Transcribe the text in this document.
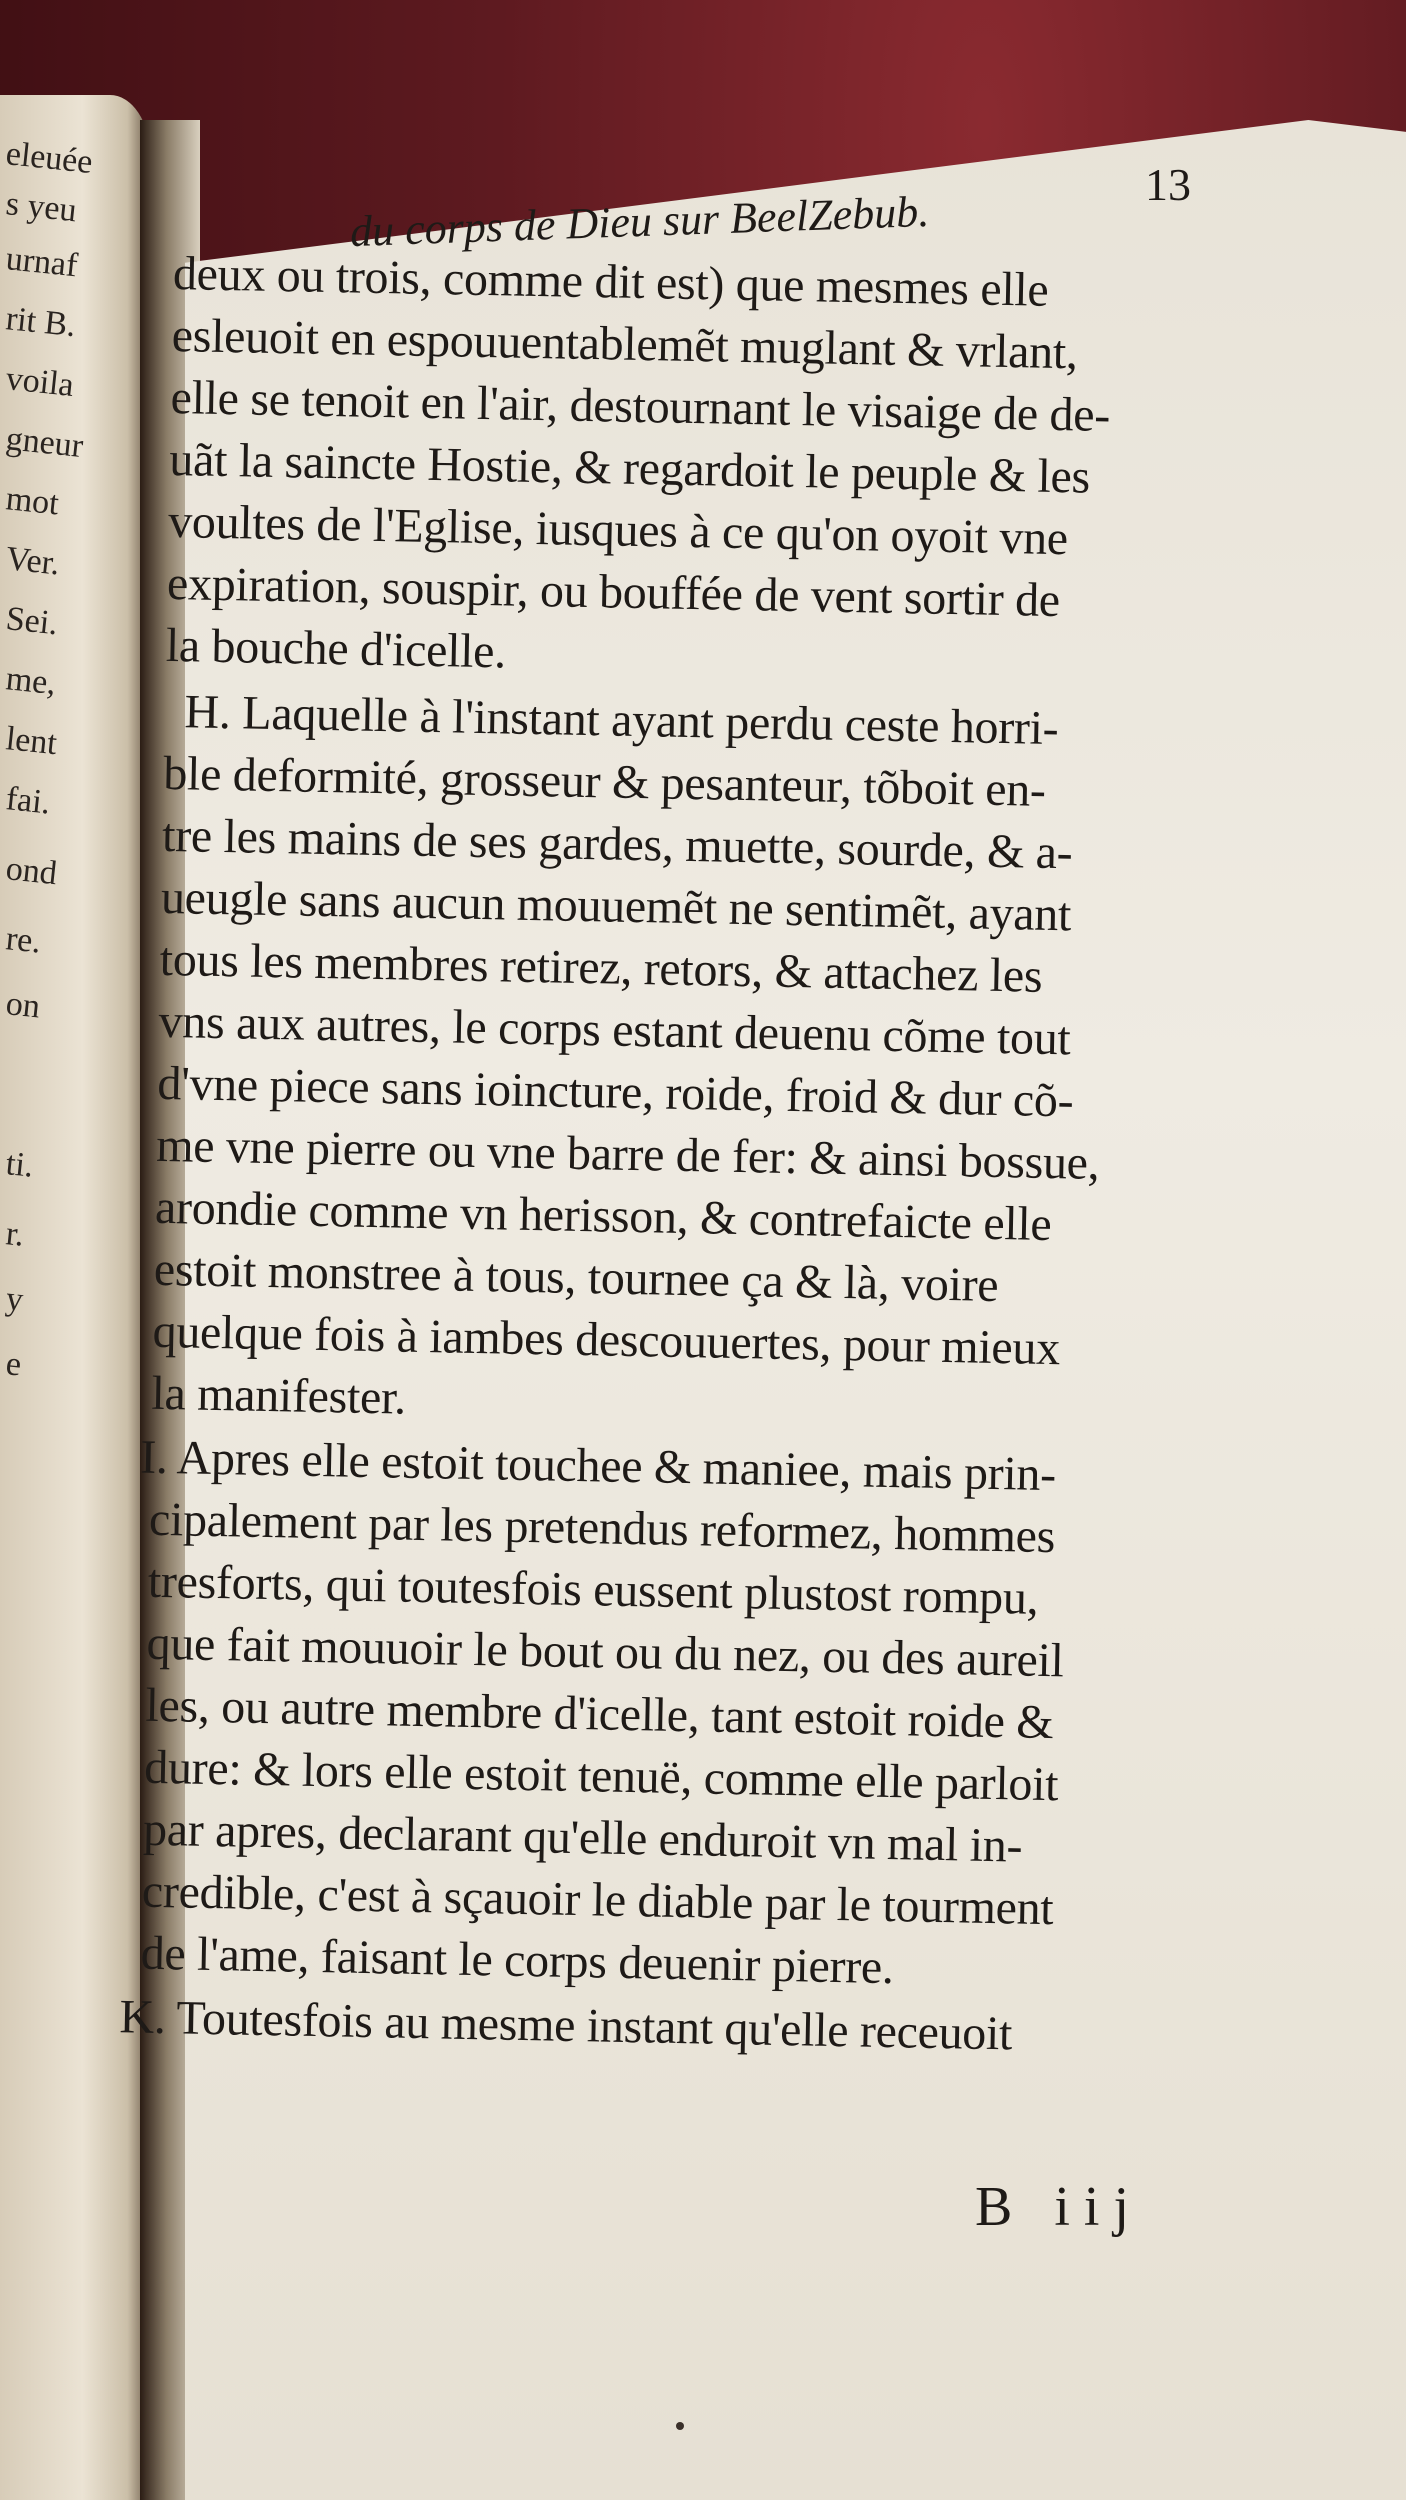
eleuée
s yeu
urnaf
rit B.
voila
gneur
mot
Ver.
Sei.
me,
lent
fai.
ond
re.
on
ti.
r.
y
e
du corps de Dieu sur BeelZebub.
13
deux ou trois, comme dit est) que mesmes elle
esleuoit en espouuentablemẽt muglant & vrlant,
elle se tenoit en l'air, destournant le visaige de de-
uãt la saincte Hostie, & regardoit le peuple & les
voultes de l'Eglise, iusques à ce qu'on oyoit vne
expiration, souspir, ou bouffée de vent sortir de
la bouche d'icelle.
H. Laquelle à l'instant ayant perdu ceste horri-
ble deformité, grosseur & pesanteur, tõboit en-
tre les mains de ses gardes, muette, sourde, & a-
ueugle sans aucun mouuemẽt ne sentimẽt, ayant
tous les membres retirez, retors, & attachez les
vns aux autres, le corps estant deuenu cõme tout
d'vne piece sans ioincture, roide, froid & dur cõ-
me vne pierre ou vne barre de fer: & ainsi bossue,
arondie comme vn herisson, & contrefaicte elle
estoit monstree à tous, tournee ça & là, voire
quelque fois à iambes descouuertes, pour mieux
la manifester.
I. Apres elle estoit touchee & maniee, mais prin-
cipalement par les pretendus reformez, hommes
tresforts, qui toutesfois eussent plustost rompu,
que fait mouuoir le bout ou du nez, ou des aureil
les, ou autre membre d'icelle, tant estoit roide &
dure: & lors elle estoit tenuë, comme elle parloit
par apres, declarant qu'elle enduroit vn mal in-
credible, c'est à sçauoir le diable par le tourment
de l'ame, faisant le corps deuenir pierre.
K. Toutesfois au mesme instant qu'elle receuoit
B iij
